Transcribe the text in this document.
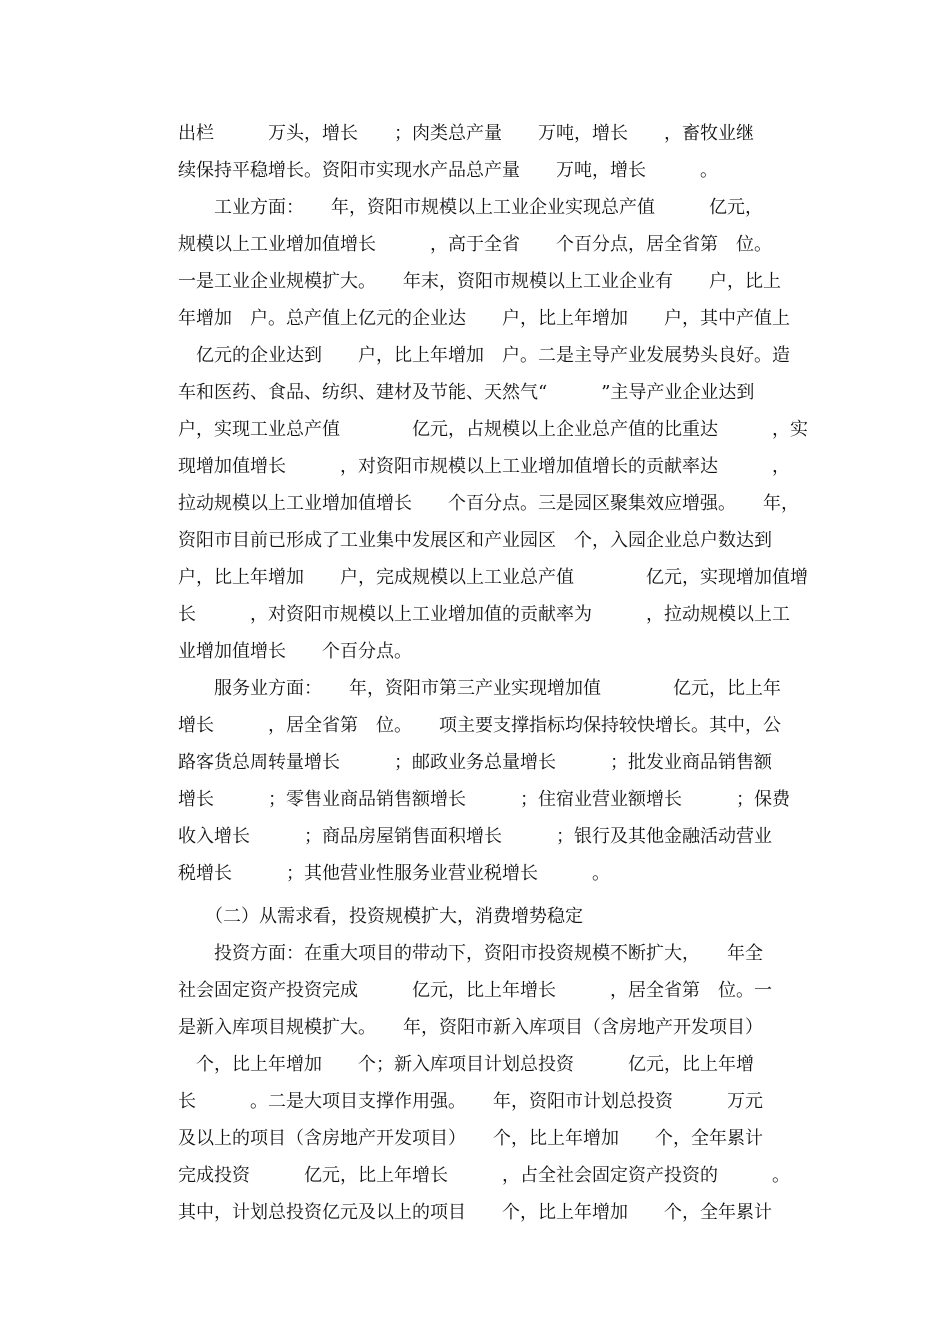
出栏　　　万头，增长　　；肉类总产量　　万吨，增长　　，畜牧业继

续保持平稳增长。资阳市实现水产品总产量　　万吨，增长　　　。

　　工业方面：　　年，资阳市规模以上工业企业实现总产值　　　亿元，

规模以上工业增加值增长　　　，高于全省　　个百分点，居全省第　位。

一是工业企业规模扩大。　　年末，资阳市规模以上工业企业有　　户，比上

年增加　户。总产值上亿元的企业达　　户，比上年增加　　户，其中产值上

　亿元的企业达到　　户，比上年增加　户。二是主导产业发展势头良好。造

车和医药、食品、纺织、建材及节能、天然气“　　　”主导产业企业达到

户，实现工业总产值　　　　亿元，占规模以上企业总产值的比重达　　　，实

现增加值增长　　　，对资阳市规模以上工业增加值增长的贡献率达　　　，

拉动规模以上工业增加值增长　　个百分点。三是园区聚集效应增强。　　年，

资阳市目前已形成了工业集中发展区和产业园区　个，入园企业总户数达到

户，比上年增加　　户，完成规模以上工业总产值　　　　亿元，实现增加值增

长　　　，对资阳市规模以上工业增加值的贡献率为　　　，拉动规模以上工

业增加值增长　　个百分点。

　　服务业方面：　　年，资阳市第三产业实现增加值　　　　亿元，比上年

增长　　　，居全省第　位。　　项主要支撑指标均保持较快增长。其中，公

路客货总周转量增长　　　；邮政业务总量增长　　　；批发业商品销售额

增长　　　；零售业商品销售额增长　　　；住宿业营业额增长　　　；保费

收入增长　　　；商品房屋销售面积增长　　　；银行及其他金融活动营业

税增长　　　；其他营业性服务业营业税增长　　　。

　　（二）从需求看，投资规模扩大，消费增势稳定

　　投资方面：在重大项目的带动下，资阳市投资规模不断扩大，　　年全

社会固定资产投资完成　　　亿元，比上年增长　　　，居全省第　位。一

是新入库项目规模扩大。　　年，资阳市新入库项目（含房地产开发项目）

　个，比上年增加　　个；新入库项目计划总投资　　　亿元，比上年增

长　　　。二是大项目支撑作用强。　　年，资阳市计划总投资　　　万元

及以上的项目（含房地产开发项目）　　个，比上年增加　　个，全年累计

完成投资　　　亿元，比上年增长　　　，占全社会固定资产投资的　　　。

其中，计划总投资亿元及以上的项目　　个，比上年增加　　个，全年累计
